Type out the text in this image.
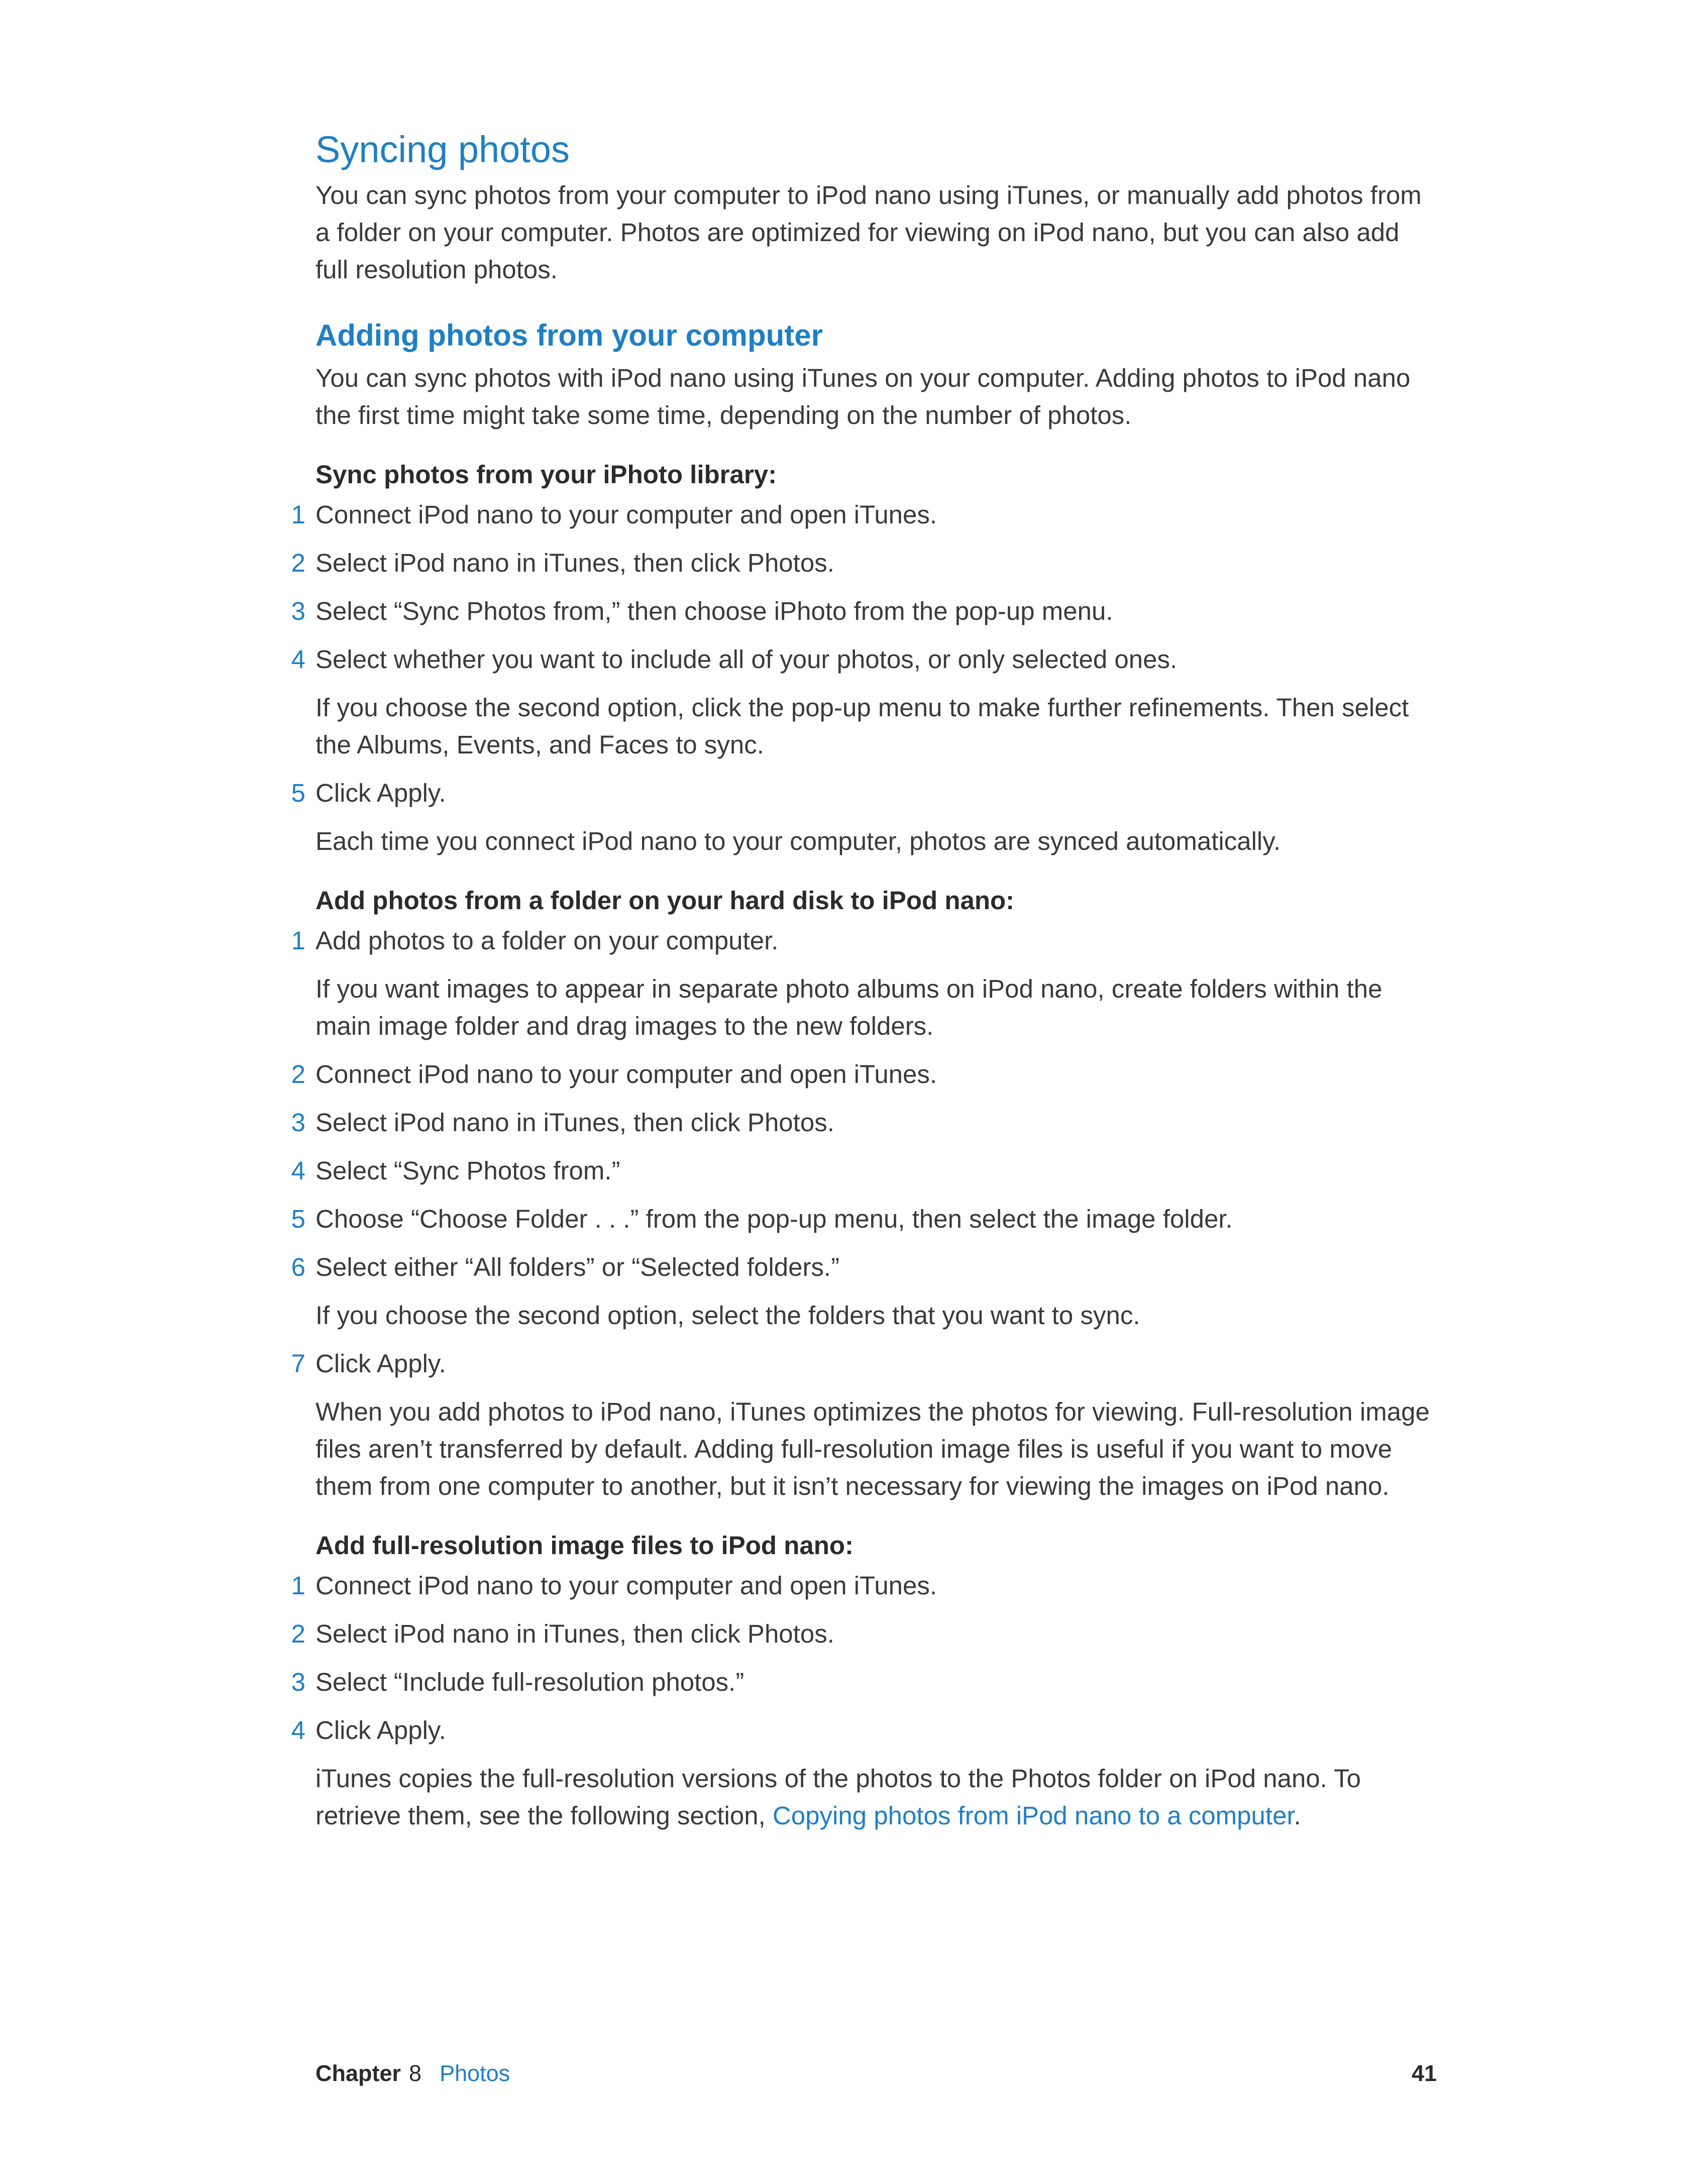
Syncing photos

You can sync photos from your computer to iPod nano using iTunes, or manually add photos from a folder on your computer. Photos are optimized for viewing on iPod nano, but you can also add full resolution photos.

Adding photos from your computer

You can sync photos with iPod nano using iTunes on your computer. Adding photos to iPod nano the first time might take some time, depending on the number of photos.

Sync photos from your iPhoto library:
1 Connect iPod nano to your computer and open iTunes.
2 Select iPod nano in iTunes, then click Photos.
3 Select “Sync Photos from,” then choose iPhoto from the pop-up menu.
4 Select whether you want to include all of your photos, or only selected ones.

If you choose the second option, click the pop-up menu to make further refinements. Then select the Albums, Events, and Faces to sync.

5 Click Apply.

Each time you connect iPod nano to your computer, photos are synced automatically.

Add photos from a folder on your hard disk to iPod nano:
1 Add photos to a folder on your computer.

If you want images to appear in separate photo albums on iPod nano, create folders within the main image folder and drag images to the new folders.

2 Connect iPod nano to your computer and open iTunes.
3 Select iPod nano in iTunes, then click Photos.
4 Select “Sync Photos from.”
5 Choose “Choose Folder . . .” from the pop-up menu, then select the image folder.
6 Select either “All folders” or “Selected folders.”

If you choose the second option, select the folders that you want to sync.

7 Click Apply.

When you add photos to iPod nano, iTunes optimizes the photos for viewing. Full-resolution image files aren’t transferred by default. Adding full-resolution image files is useful if you want to move them from one computer to another, but it isn’t necessary for viewing the images on iPod nano.

Add full-resolution image files to iPod nano:
1 Connect iPod nano to your computer and open iTunes.
2 Select iPod nano in iTunes, then click Photos.
3 Select “Include full-resolution photos.”
4 Click Apply.

iTunes copies the full-resolution versions of the photos to the Photos folder on iPod nano. To retrieve them, see the following section, Copying photos from iPod nano to a computer.

Chapter 8 Photos	41
